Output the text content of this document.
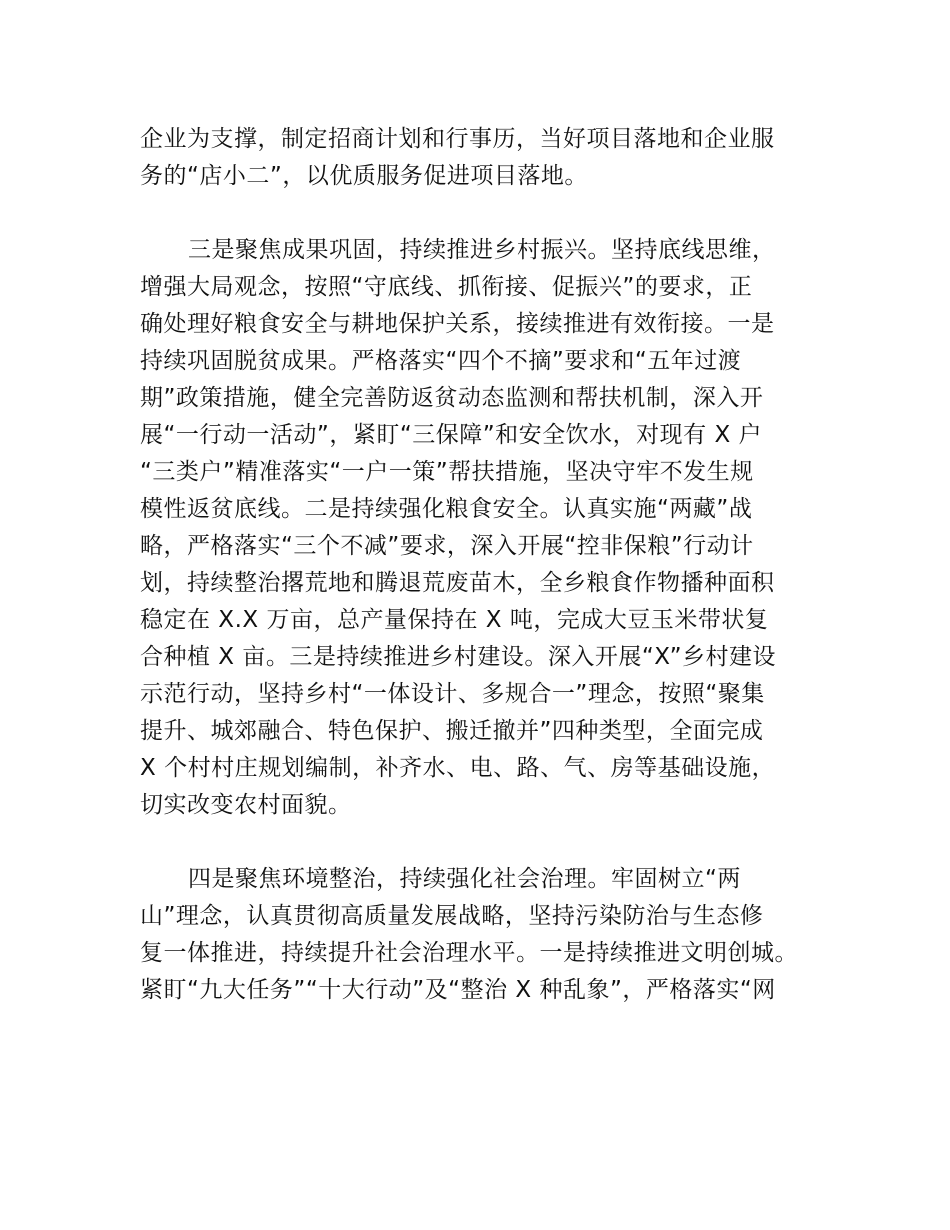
企业为支撑，制定招商计划和行事历，当好项目落地和企业服
务的“店小二”，以优质服务促进项目落地。
三是聚焦成果巩固，持续推进乡村振兴。坚持底线思维，
增强大局观念，按照“守底线、抓衔接、促振兴”的要求，正
确处理好粮食安全与耕地保护关系，接续推进有效衔接。一是
持续巩固脱贫成果。严格落实“四个不摘”要求和“五年过渡
期”政策措施，健全完善防返贫动态监测和帮扶机制，深入开
展“一行动一活动”，紧盯“三保障”和安全饮水，对现有 X 户
“三类户”精准落实“一户一策”帮扶措施，坚决守牢不发生规
模性返贫底线。二是持续强化粮食安全。认真实施“两藏”战
略，严格落实“三个不减”要求，深入开展“控非保粮”行动计
划，持续整治撂荒地和腾退荒废苗木，全乡粮食作物播种面积
稳定在 X.X 万亩，总产量保持在 X 吨，完成大豆玉米带状复
合种植 X 亩。三是持续推进乡村建设。深入开展“X”乡村建设
示范行动，坚持乡村“一体设计、多规合一”理念，按照“聚集
提升、城郊融合、特色保护、搬迁撤并”四种类型，全面完成
X 个村村庄规划编制，补齐水、电、路、气、房等基础设施，
切实改变农村面貌。
四是聚焦环境整治，持续强化社会治理。牢固树立“两
山”理念，认真贯彻高质量发展战略，坚持污染防治与生态修
复一体推进，持续提升社会治理水平。一是持续推进文明创城。
紧盯“九大任务”“十大行动”及“整治 X 种乱象”，严格落实“网
